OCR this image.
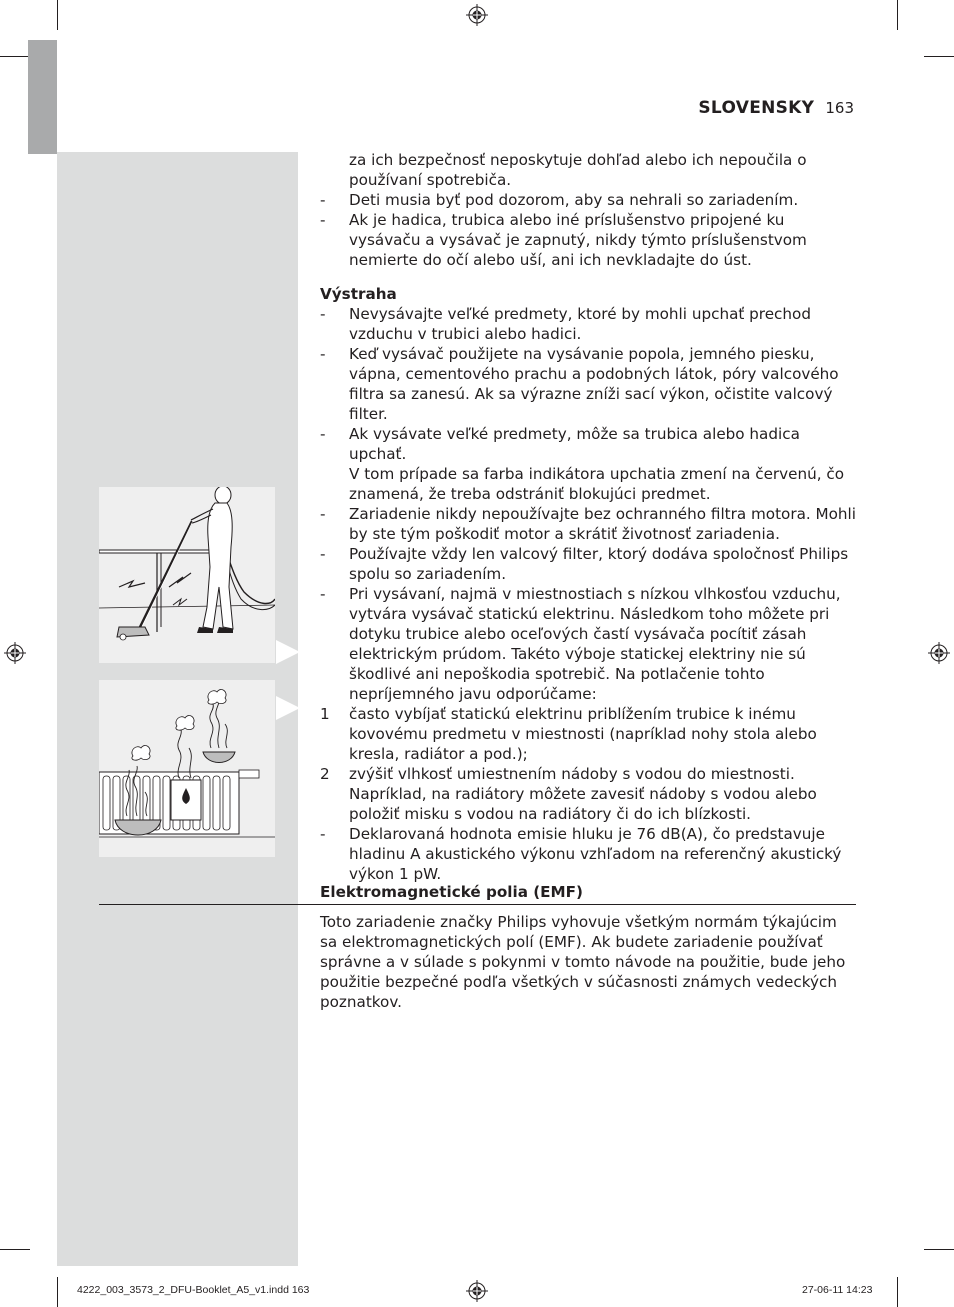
SLOVENSKY 163

za ich bezpečnosť neposkytuje dohľad alebo ich nepoučila o používaní spotrebiča.

- Deti musia byť pod dozorom, aby sa nehrali so zariadením.
- Ak je hadica, trubica alebo iné príslušenstvo pripojené ku vysávaču a vysávač je zapnutý, nikdy týmto príslušenstvom nemierte do očí alebo uší, ani ich nevkladajte do úst.
Výstraha
- Nevysávajte veľké predmety, ktoré by mohli upchať prechod vzduchu v trubici alebo hadici.
- Keď vysávač použijete na vysávanie popola, jemného piesku, vápna, cementového prachu a podobných látok, póry valcového filtra sa zanesú. Ak sa výrazne zníži sací výkon, očistite valcový filter.
- Ak vysávate veľké predmety, môže sa trubica alebo hadica upchať.
V tom prípade sa farba indikátora upchatia zmení na červenú, čo znamená, že treba odstrániť blokujúci predmet.
- Zariadenie nikdy nepoužívajte bez ochranného filtra motora. Mohli by ste tým poškodiť motor a skrátiť životnosť zariadenia.
- Používajte vždy len valcový filter, ktorý dodáva spoločnosť Philips spolu so zariadením.
- Pri vysávaní, najmä v miestnostiach s nízkou vlhkosťou vzduchu, vytvára vysávač statickú elektrinu. Následkom toho môžete pri dotyku trubice alebo oceľových častí vysávača pocítiť zásah elektrickým prúdom. Takéto výboje statickej elektriny nie sú škodlivé ani nepoškodia spotrebič. Na potlačenie tohto nepríjemného javu odporúčame:
1 často vybíjať statickú elektrinu priblížením trubice k inému kovovému predmetu v miestnosti (napríklad nohy stola alebo kresla, radiátor a pod.);
2 zvýšiť vlhkosť umiestnením nádoby s vodou do miestnosti. Napríklad, na radiátory môžete zavesiť nádoby s vodou alebo položiť misku s vodou na radiátory či do ich blízkosti.
- Deklarovaná hodnota emisie hluku je 76 dB(A), čo predstavuje hladinu A akustického výkonu vzhľadom na referenčný akustický výkon 1 pW.
Elektromagnetické polia (EMF)

Toto zariadenie značky Philips vyhovuje všetkým normám týkajúcim sa elektromagnetických polí (EMF). Ak budete zariadenie používať správne a v súlade s pokynmi v tomto návode na použitie, bude jeho použitie bezpečné podľa všetkých v súčasnosti známych vedeckých poznatkov.

4222_003_3573_2_DFU-Booklet_A5_v1.indd 163	27-06-11 14:23
